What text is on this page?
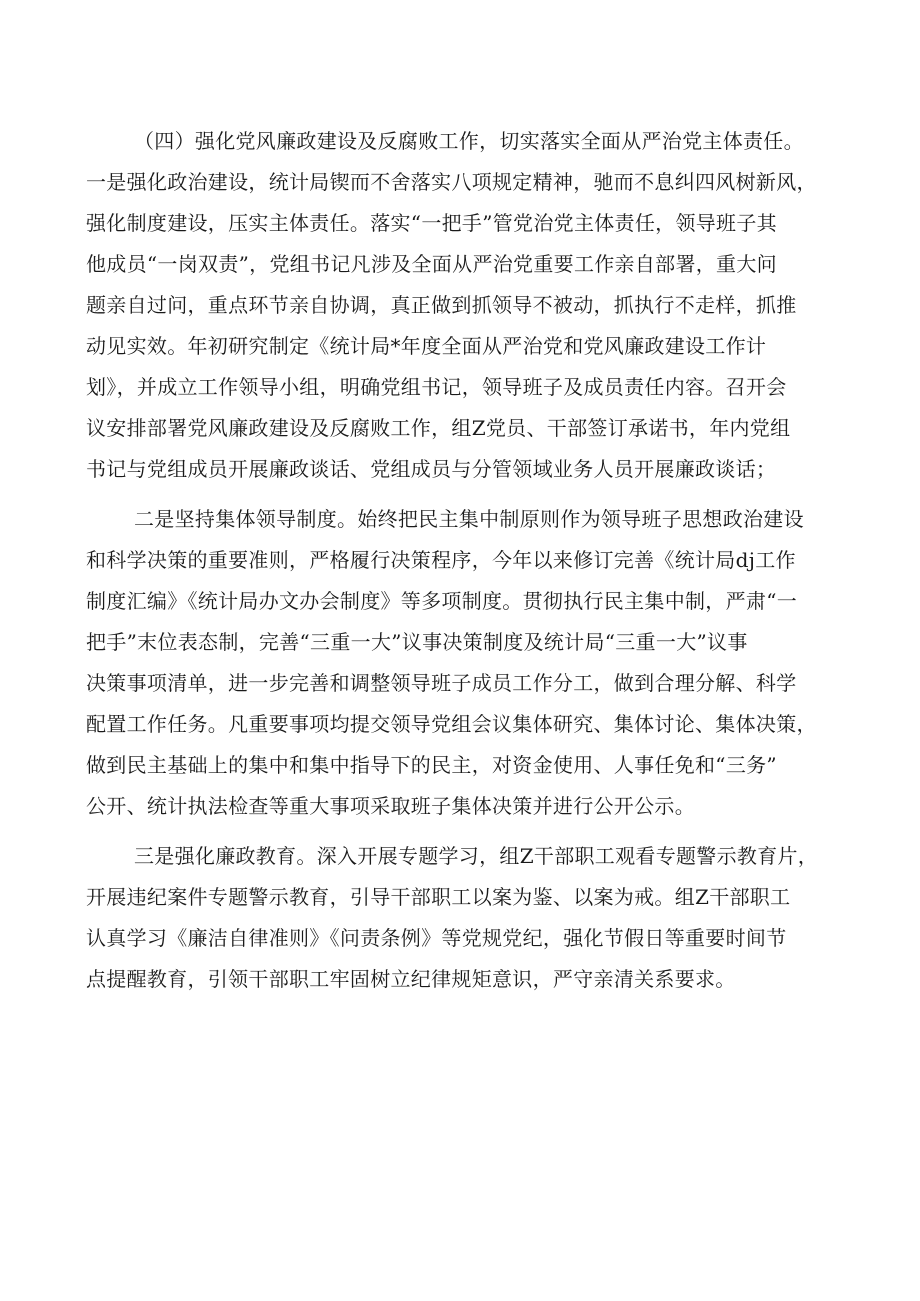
（四）强化党风廉政建设及反腐败工作，切实落实全面从严治党主体责任。
一是强化政治建设，统计局锲而不舍落实八项规定精神，驰而不息纠四风树新风，
强化制度建设，压实主体责任。落实“一把手”管党治党主体责任，领导班子其
他成员“一岗双责”，党组书记凡涉及全面从严治党重要工作亲自部署，重大问
题亲自过问，重点环节亲自协调，真正做到抓领导不被动，抓执行不走样，抓推
动见实效。年初研究制定《统计局*年度全面从严治党和党风廉政建设工作计
划》，并成立工作领导小组，明确党组书记，领导班子及成员责任内容。召开会
议安排部署党风廉政建设及反腐败工作，组Z党员、干部签订承诺书，年内党组
书记与党组成员开展廉政谈话、党组成员与分管领域业务人员开展廉政谈话；
二是坚持集体领导制度。始终把民主集中制原则作为领导班子思想政治建设
和科学决策的重要准则，严格履行决策程序，今年以来修订完善《统计局dj工作
制度汇编》《统计局办文办会制度》等多项制度。贯彻执行民主集中制，严肃“一
把手”末位表态制，完善“三重一大”议事决策制度及统计局“三重一大”议事
决策事项清单，进一步完善和调整领导班子成员工作分工，做到合理分解、科学
配置工作任务。凡重要事项均提交领导党组会议集体研究、集体讨论、集体决策，
做到民主基础上的集中和集中指导下的民主，对资金使用、人事任免和“三务”
公开、统计执法检查等重大事项采取班子集体决策并进行公开公示。
三是强化廉政教育。深入开展专题学习，组Z干部职工观看专题警示教育片，
开展违纪案件专题警示教育，引导干部职工以案为鉴、以案为戒。组Z干部职工
认真学习《廉洁自律准则》《问责条例》等党规党纪，强化节假日等重要时间节
点提醒教育，引领干部职工牢固树立纪律规矩意识，严守亲清关系要求。
